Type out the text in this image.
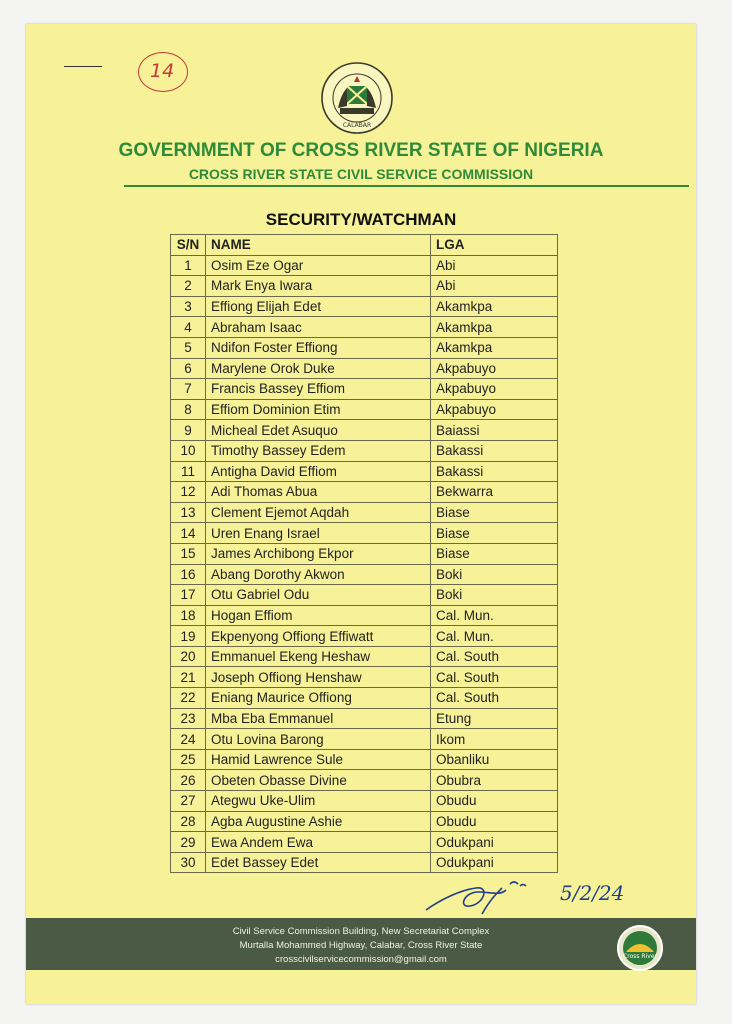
14
CALABAR
GOVERNMENT OF CROSS RIVER STATE OF NIGERIA
CROSS RIVER STATE CIVIL SERVICE COMMISSION
SECURITY/WATCHMAN
S/N	NAME	LGA
1	Osim Eze Ogar	Abi
2	Mark Enya Iwara	Abi
3	Effiong Elijah Edet	Akamkpa
4	Abraham Isaac	Akamkpa
5	Ndifon Foster Effiong	Akamkpa
6	Marylene Orok Duke	Akpabuyo
7	Francis Bassey Effiom	Akpabuyo
8	Effiom Dominion Etim	Akpabuyo
9	Micheal Edet Asuquo	Baiassi
10	Timothy Bassey Edem	Bakassi
11	Antigha David Effiom	Bakassi
12	Adi Thomas Abua	Bekwarra
13	Clement Ejemot Aqdah	Biase
14	Uren Enang Israel	Biase
15	James Archibong Ekpor	Biase
16	Abang Dorothy Akwon	Boki
17	Otu Gabriel Odu	Boki
18	Hogan Effiom	Cal. Mun.
19	Ekpenyong Offiong Effiwatt	Cal. Mun.
20	Emmanuel Ekeng Heshaw	Cal. South
21	Joseph Offiong Henshaw	Cal. South
22	Eniang Maurice Offiong	Cal. South
23	Mba Eba Emmanuel	Etung
24	Otu Lovina Barong	Ikom
25	Hamid Lawrence Sule	Obanliku
26	Obeten Obasse Divine	Obubra
27	Ategwu Uke-Ulim	Obudu
28	Agba Augustine Ashie	Obudu
29	Ewa Andem Ewa	Odukpani
30	Edet Bassey Edet	Odukpani
5/2/24
Civil Service Commission Building, New Secretariat Complex
Murtalla Mohammed Highway, Calabar, Cross River State
crosscivilservicecommission@gmail.com	Cross River
